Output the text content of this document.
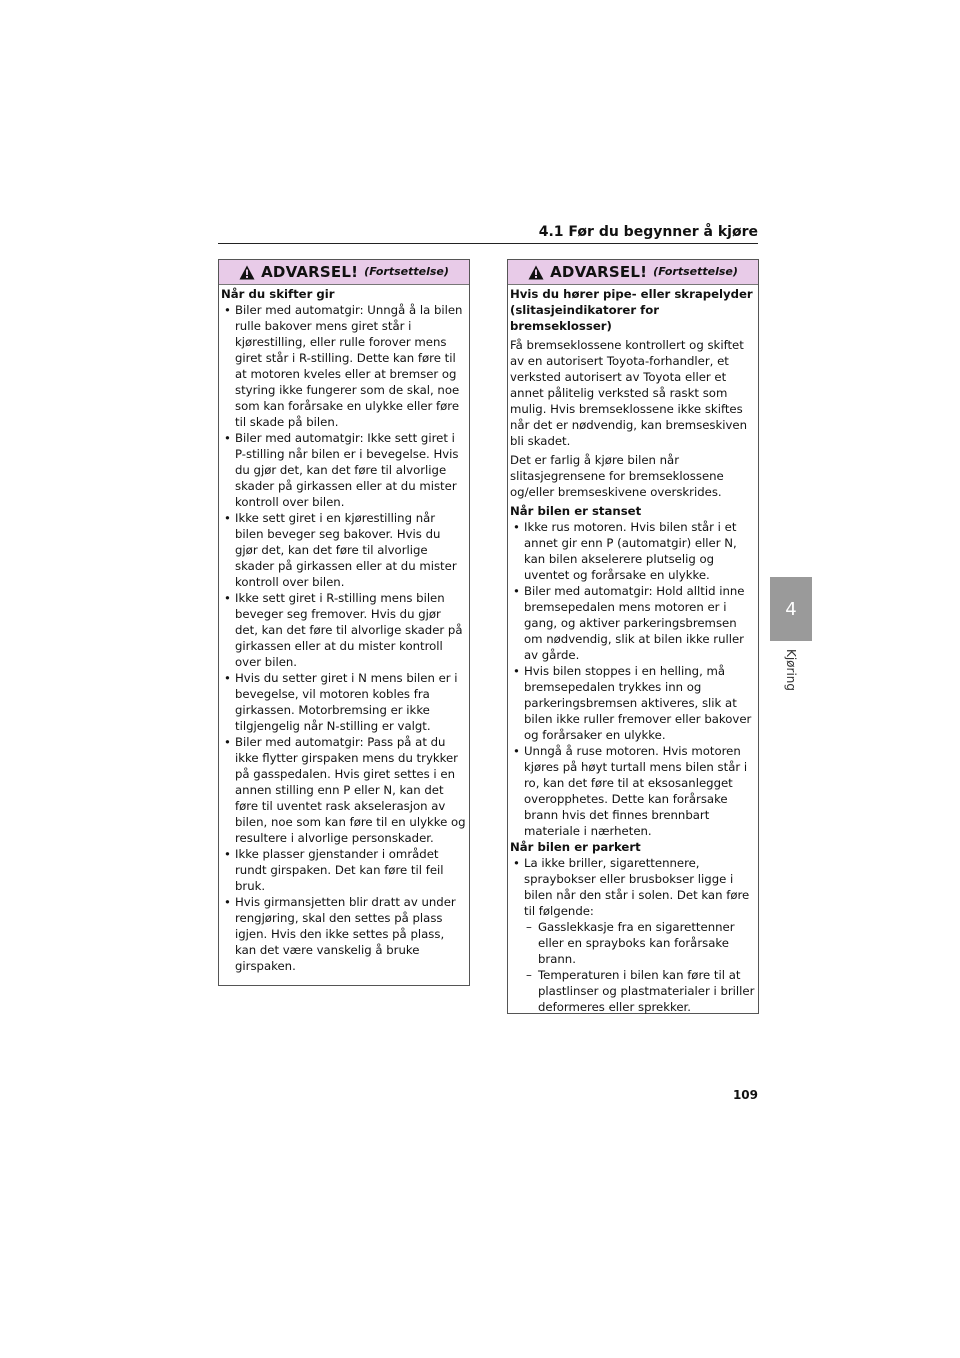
4.1 Før du begynner å kjøre
4
Kjøring
ADVARSEL! (Fortsettelse)
Når du skifter gir
• Biler med automatgir: Unngå å la bilen rulle bakover mens giret står i kjørestilling, eller rulle forover mens giret står i R-stilling. Dette kan føre til at motoren kveles eller at bremser og styring ikke fungerer som de skal, noe som kan forårsake en ulykke eller føre til skade på bilen.
• Biler med automatgir: Ikke sett giret i P-stilling når bilen er i bevegelse. Hvis du gjør det, kan det føre til alvorlige skader på girkassen eller at du mister kontroll over bilen.
• Ikke sett giret i en kjørestilling når bilen beveger seg bakover. Hvis du gjør det, kan det føre til alvorlige skader på girkassen eller at du mister kontroll over bilen.
• Ikke sett giret i R-stilling mens bilen beveger seg fremover. Hvis du gjør det, kan det føre til alvorlige skader på girkassen eller at du mister kontroll over bilen.
• Hvis du setter giret i N mens bilen er i bevegelse, vil motoren kobles fra girkassen. Motorbremsing er ikke tilgjengelig når N-stilling er valgt.
• Biler med automatgir: Pass på at du ikke flytter girspaken mens du trykker på gasspedalen. Hvis giret settes i en annen stilling enn P eller N, kan det føre til uventet rask akselerasjon av bilen, noe som kan føre til en ulykke og resultere i alvorlige personskader.
• Ikke plasser gjenstander i området rundt girspaken. Det kan føre til feil bruk.
• Hvis girmansjetten blir dratt av under rengjøring, skal den settes på plass igjen. Hvis den ikke settes på plass, kan det være vanskelig å bruke girspaken.
ADVARSEL! (Fortsettelse)
Hvis du hører pipe- eller skrapelyder (slitasjeindikatorer for bremseklosser)

Få bremseklossene kontrollert og skiftet av en autorisert Toyota-forhandler, et verksted autorisert av Toyota eller et annet pålitelig verksted så raskt som mulig. Hvis bremseklossene ikke skiftes når det er nødvendig, kan bremseskiven bli skadet.

Det er farlig å kjøre bilen når slitasjegrensene for bremseklossene og/eller bremseskivene overskrides.

Når bilen er stanset
• Ikke rus motoren. Hvis bilen står i et annet gir enn P (automatgir) eller N, kan bilen akselerere plutselig og uventet og forårsake en ulykke.
• Biler med automatgir: Hold alltid inne bremsepedalen mens motoren er i gang, og aktiver parkeringsbremsen om nødvendig, slik at bilen ikke ruller av gårde.
• Hvis bilen stoppes i en helling, må bremsepedalen trykkes inn og parkeringsbremsen aktiveres, slik at bilen ikke ruller fremover eller bakover og forårsaker en ulykke.
• Unngå å ruse motoren. Hvis motoren kjøres på høyt turtall mens bilen står i ro, kan det føre til at eksosanlegget overopphetes. Dette kan forårsake brann hvis det finnes brennbart materiale i nærheten.
Når bilen er parkert
• La ikke briller, sigarettennere, spraybokser eller brusbokser ligge i bilen når den står i solen. Det kan føre til følgende:
– Gasslekkasje fra en sigarettenner eller en sprayboks kan forårsake brann.
– Temperaturen i bilen kan føre til at plastlinser og plastmaterialer i briller deformeres eller sprekker.
109
